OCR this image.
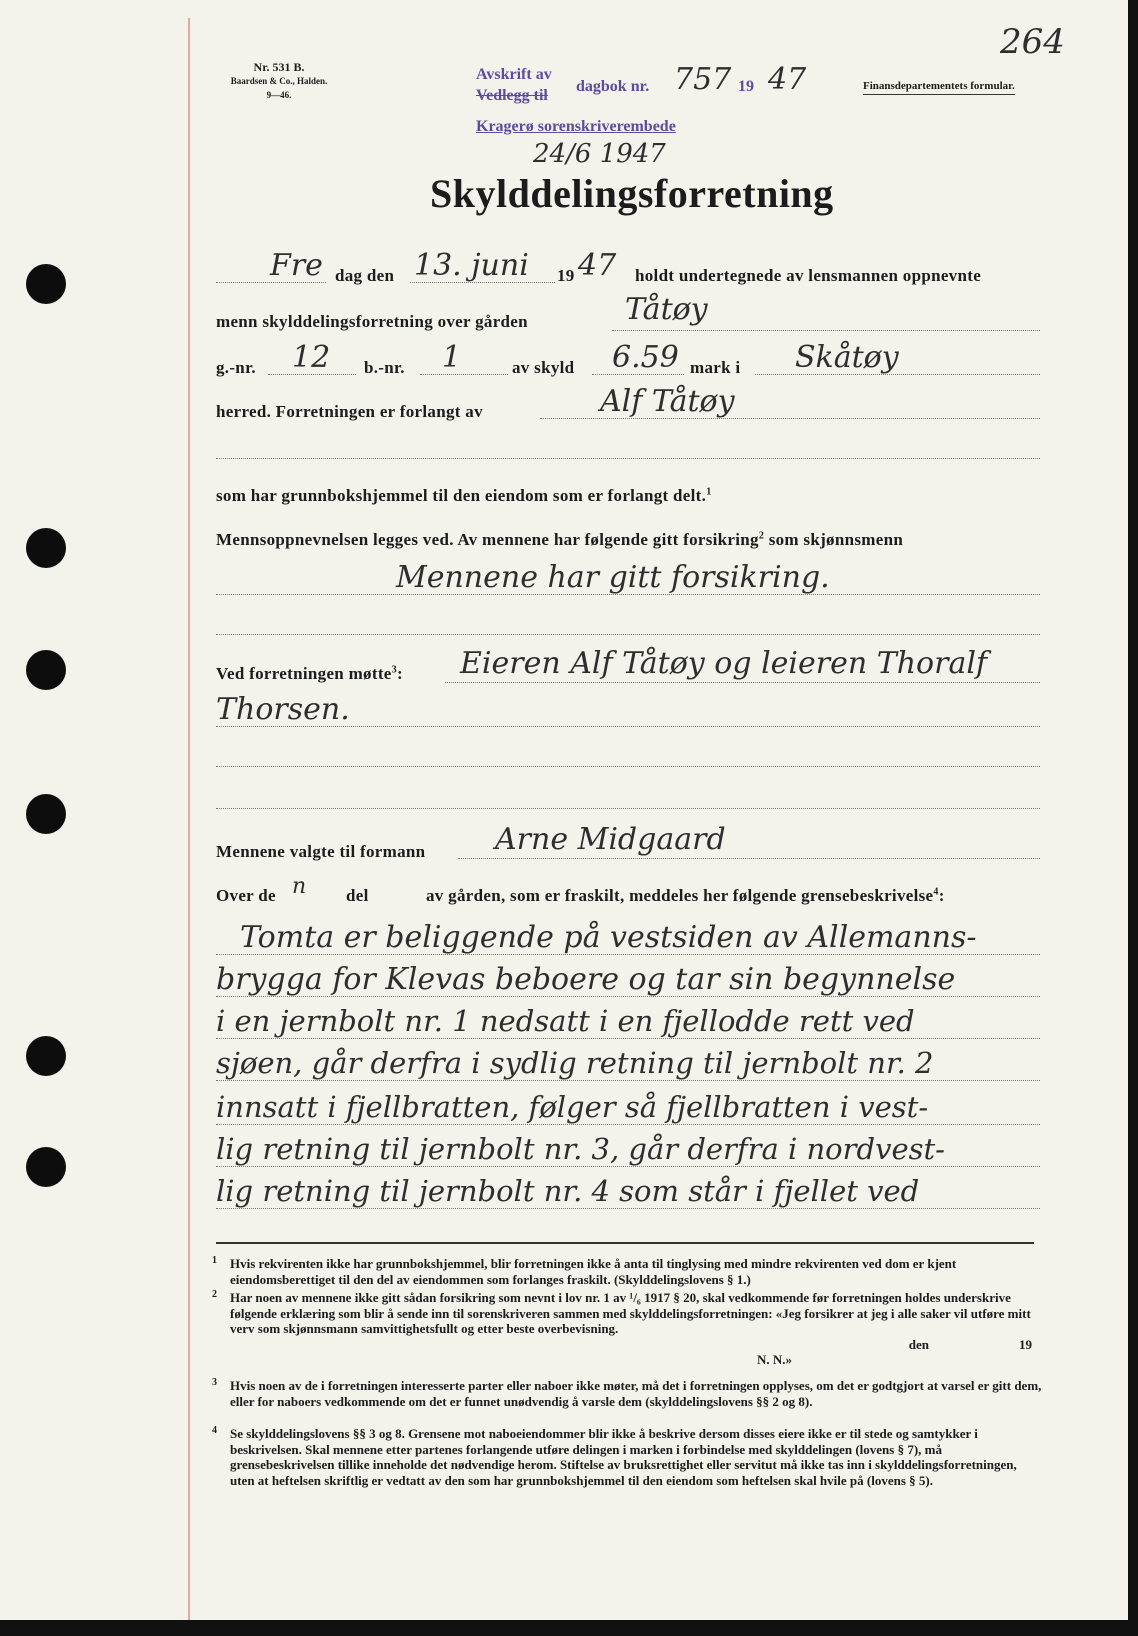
Nr. 531 B.
Baardsen & Co., Halden.
9—46.
Avskrift av
Vedlegg til
dagbok nr. 757 19 47
Kragerø sorenskriverembede
24/6 1947
Finansdepartementets formular.
264
Skylddelingsforretning
Fre dag den 13. juni 19 47 holdt undertegnede av lensmannen oppnevnte
menn skylddelingsforretning over gården	Tåtøy
g.-nr. 12 b.-nr. 1	av skyld 6.59 mark i Skåtøy
herred. Forretningen er forlangt av	Alf Tåtøy
som har grunnbokshjemmel til den eiendom som er forlangt delt.$^1$
Mennsoppnevnelsen legges ved. Av mennene har følgende gitt forsikring$^2$ som skjønnsmenn
Mennene har gitt forsikring.
Ved forretningen møtte$^3$: Eieren Alf Tåtøy og leieren Thoralf
Thorsen.
Mennene valgte til formann Arne Midgaard
Over de n del	av gården, som er fraskilt, meddeles her følgende grensebeskrivelse$^4$:
Tomta er beliggende på vestsiden av Allemanns-
brygga for Klevas beboere og tar sin begynnelse
i en jernbolt nr. 1 nedsatt i en fjellodde rett ved
sjøen, går derfra i sydlig retning til jernbolt nr. 2
innsatt i fjellbratten, følger så fjellbratten i vest-
lig retning til jernbolt nr. 3, går derfra i nordvest-
lig retning til jernbolt nr. 4 som står i fjellet ved
1 Hvis rekvirenten ikke har grunnbokshjemmel, blir forretningen ikke å anta til tinglysing med mindre rekvirenten ved dom er kjent eiendomsberettiget til den del av eiendommen som forlanges fraskilt. (Skylddelingslovens § 1.)
2 Har noen av mennene ikke gitt sådan forsikring som nevnt i lov nr. 1 av ¹/₆ 1917 § 20, skal vedkommende før forretningen holdes underskrive følgende erklæring som blir å sende inn til sorenskriveren sammen med skylddelingsforretningen: «Jeg forsikrer at jeg i alle saker vil utføre mitt verv som skjønnsmann samvittighetsfullt og etter beste overbevisning.
den	19
N. N.»
3 Hvis noen av de i forretningen interesserte parter eller naboer ikke møter, må det i forretningen opplyses, om det er godtgjort at varsel er gitt dem, eller for naboers vedkommende om det er funnet unødvendig å varsle dem (skylddelingslovens §§ 2 og 8).
4 Se skylddelingslovens §§ 3 og 8. Grensene mot naboeiendommer blir ikke å beskrive dersom disses eiere ikke er til stede og samtykker i beskrivelsen. Skal mennene etter partenes forlangende utføre delingen i marken i forbindelse med skylddelingen (lovens § 7), må grensebeskrivelsen tillike inneholde det nødvendige herom. Stiftelse av bruksrettighet eller servitut må ikke tas inn i skylddelingsforretningen, uten at heftelsen skriftlig er vedtatt av den som har grunnbokshjemmel til den eiendom som heftelsen skal hvile på (lovens § 5).
